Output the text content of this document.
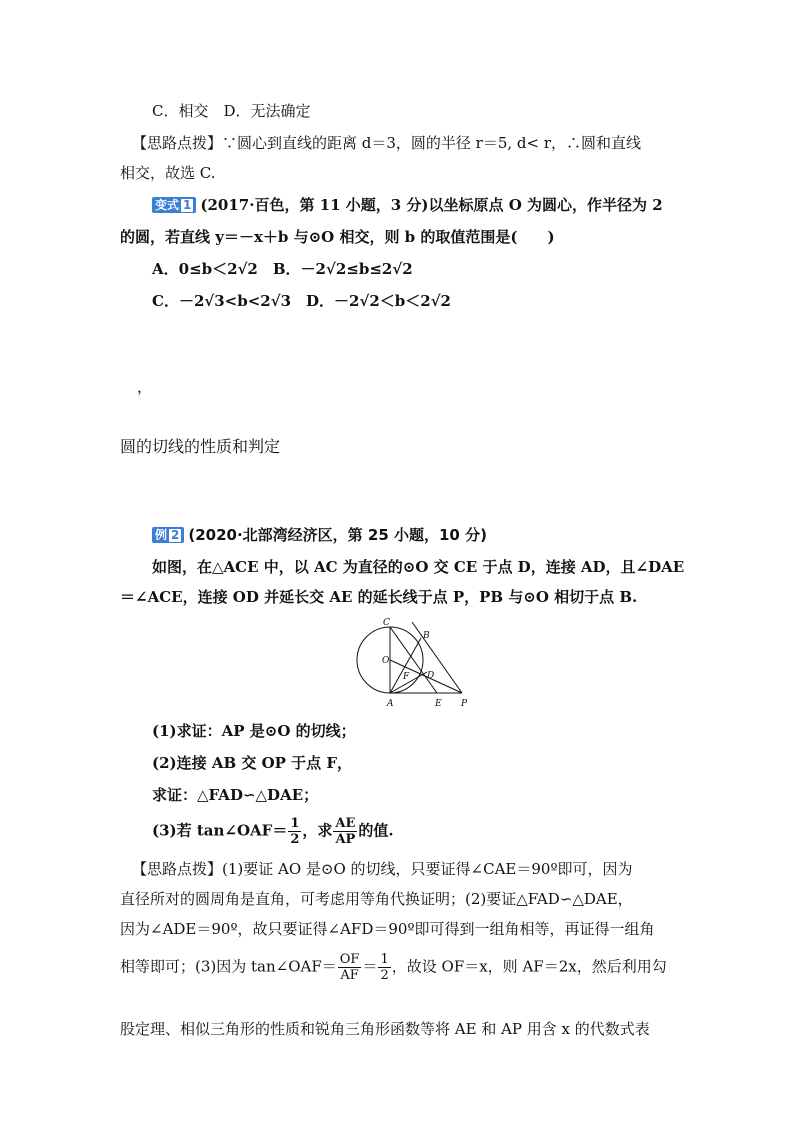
C．相交　D．无法确定
【思路点拨】∵圆心到直线的距离 d＝3，圆的半径 r＝5, d< r，∴圆和直线
相交，故选 C.
变式 1 (2017·百色，第 11 小题，3 分)以坐标原点 O 为圆心，作半径为 2
的圆，若直线 y＝－x＋b 与⊙O 相交，则 b 的取值范围是(　　)
A．0≤b＜2√2　B．－2√2≤b≤2√2
C．－2√3<b<2√3　D．－2√2＜b＜2√2
，
圆的切线的性质和判定
例 2 (2020·北部湾经济区，第 25 小题，10 分)
如图，在△ACE 中，以 AC 为直径的⊙O 交 CE 于点 D，连接 AD，且∠DAE
＝∠ACE，连接 OD 并延长交 AE 的延长线于点 P，PB 与⊙O 相切于点 B.
C
B
O
F D
A	E P
(1)求证：AP 是⊙O 的切线；
(2)连接 AB 交 OP 于点 F，
求证：△FAD∽△DAE；
(3)若 tan∠OAF＝ $\frac{1}{2}$ ，求 $\frac{AE}{AP}$ 的值.
【思路点拨】(1)要证 AO 是⊙O 的切线，只要证得∠CAE＝90º即可，因为
直径所对的圆周角是直角，可考虑用等角代换证明；(2)要证△FAD∽△DAE，
因为∠ADE＝90º，故只要证得∠AFD＝90º即可得到一组角相等，再证得一组角
相等即可；(3)因为 tan∠OAF＝ $\frac{OF}{AF} = \frac{1}{2}$ ，故设 OF＝x，则 AF＝2x，然后利用勾
股定理、相似三角形的性质和锐角三角形函数等将 AE 和 AP 用含 x 的代数式表
